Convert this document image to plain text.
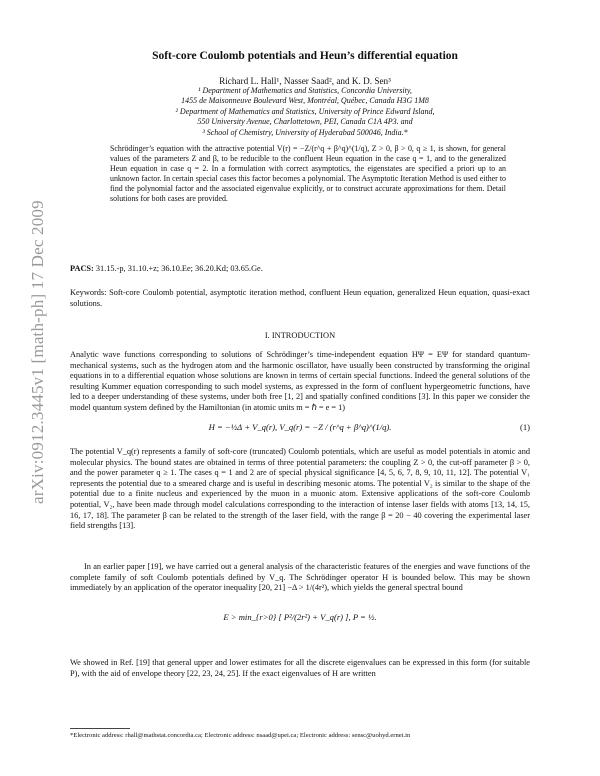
arXiv:0912.3445v1 [math-ph] 17 Dec 2009
Soft-core Coulomb potentials and Heun’s differential equation
Richard L. Hall¹, Nasser Saad², and K. D. Sen³
¹ Department of Mathematics and Statistics, Concordia University,
1455 de Maisonneuve Boulevard West, Montréal, Québec, Canada H3G 1M8
² Department of Mathematics and Statistics, University of Prince Edward Island,
550 University Avenue, Charlottetown, PEI, Canada C1A 4P3. and
³ School of Chemistry, University of Hyderabad 500046, India.*
Schrödinger’s equation with the attractive potential V(r) = −Z/(r^q + β^q)^(1/q), Z > 0, β > 0, q ≥ 1, is shown, for general values of the parameters Z and β, to be reducible to the confluent Heun equation in the case q = 1, and to the generalized Heun equation in case q = 2. In a formulation with correct asymptotics, the eigenstates are specified a priori up to an unknown factor. In certain special cases this factor becomes a polynomial. The Asymptotic Iteration Method is used either to find the polynomial factor and the associated eigenvalue explicitly, or to construct accurate approximations for them. Detail solutions for both cases are provided.
PACS: 31.15.-p, 31.10.+z; 36.10.Ee; 36.20.Kd; 03.65.Ge.
Keywords: Soft-core Coulomb potential, asymptotic iteration method, confluent Heun equation, generalized Heun equation, quasi-exact solutions.
I. INTRODUCTION
Analytic wave functions corresponding to solutions of Schrödinger’s time-independent equation HΨ = EΨ for standard quantum-mechanical systems, such as the hydrogen atom and the harmonic oscillator, have usually been constructed by transforming the original equations in to a differential equation whose solutions are known in terms of certain special functions. Indeed the general solutions of the resulting Kummer equation corresponding to such model systems, as expressed in the form of confluent hypergeometric functions, have led to a deeper understanding of these systems, under both free [1, 2] and spatially confined conditions [3]. In this paper we consider the model quantum system defined by the Hamiltonian (in atomic units m = ℏ = e = 1)
H = −½Δ + V_q(r), V_q(r) = −Z / (r^q + β^q)^(1/q).	(1)
The potential V_q(r) represents a family of soft-core (truncated) Coulomb potentials, which are useful as model potentials in atomic and molecular physics. The bound states are obtained in terms of three potential parameters: the coupling Z > 0, the cut-off parameter β > 0, and the power parameter q ≥ 1. The cases q = 1 and 2 are of special physical significance [4, 5, 6, 7, 8, 9, 10, 11, 12]. The potential V₁ represents the potential due to a smeared charge and is useful in describing mesonic atoms. The potential V₂ is similar to the shape of the potential due to a finite nucleus and experienced by the muon in a muonic atom. Extensive applications of the soft-core Coulomb potential, V₂, have been made through model calculations corresponding to the interaction of intense laser fields with atoms [13, 14, 15, 16, 17, 18]. The parameter β can be related to the strength of the laser field, with the range β = 20 − 40 covering the experimental laser field strengths [13].
In an earlier paper [19], we have carried out a general analysis of the characteristic features of the energies and wave functions of the complete family of soft Coulomb potentials defined by V_q. The Schrödinger operator H is bounded below. This may be shown immediately by an application of the operator inequality [20, 21] −Δ > 1/(4r²), which yields the general spectral bound
E > min_{r>0} [ P²/(2r²) + V_q(r) ], P = ½.
We showed in Ref. [19] that general upper and lower estimates for all the discrete eigenvalues can be expressed in this form (for suitable P), with the aid of envelope theory [22, 23, 24, 25]. If the exact eigenvalues of H are written
*Electronic address: rhall@mathstat.concordia.ca; Electronic address: nsaad@upei.ca; Electronic address: sensc@uohyd.ernet.in
